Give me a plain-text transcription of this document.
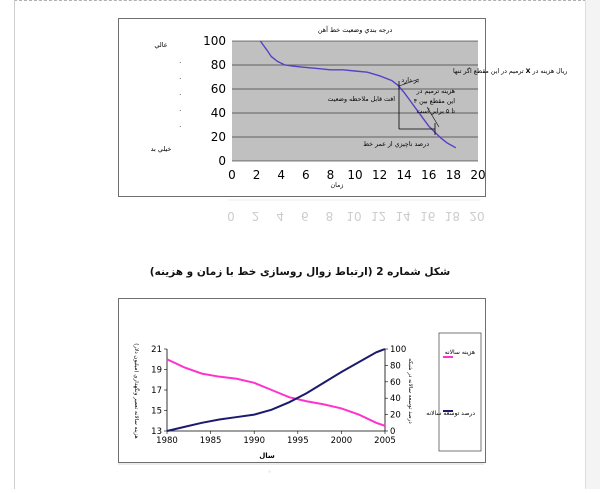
0
20
40
60
80
100
0 2 4 6 8 10 12 14 16 18 20
درجه بندي وضعيت خط آهن
عالي
خيلي بد
.
.
.
.
.
ريال هزينه در X ترميم در اين مقطع اگر تنها
بر دارد
هزينه ترميم در
اين مقطع بين ۴
تا ۵ برابر است
افت قابل ملاحظه وضعيت
درصد ناچيزي از عمر خط
زمان
0 2 4 6 8 10 12 14 16 18 20
شکل شماره 2 (ارتباط زوال روسازی خط با زمان و هزینه)
13
15
17
19
21
0
20
40
60
80
100
1980	1985	1990	1995	2000	2005
هزينه سالانه تعمير ونگهداري (ميليون دلار)	درصد توسعه سالانه در شبكه
سال
هزينه سالانه
درصد توسعه سالانه
°
